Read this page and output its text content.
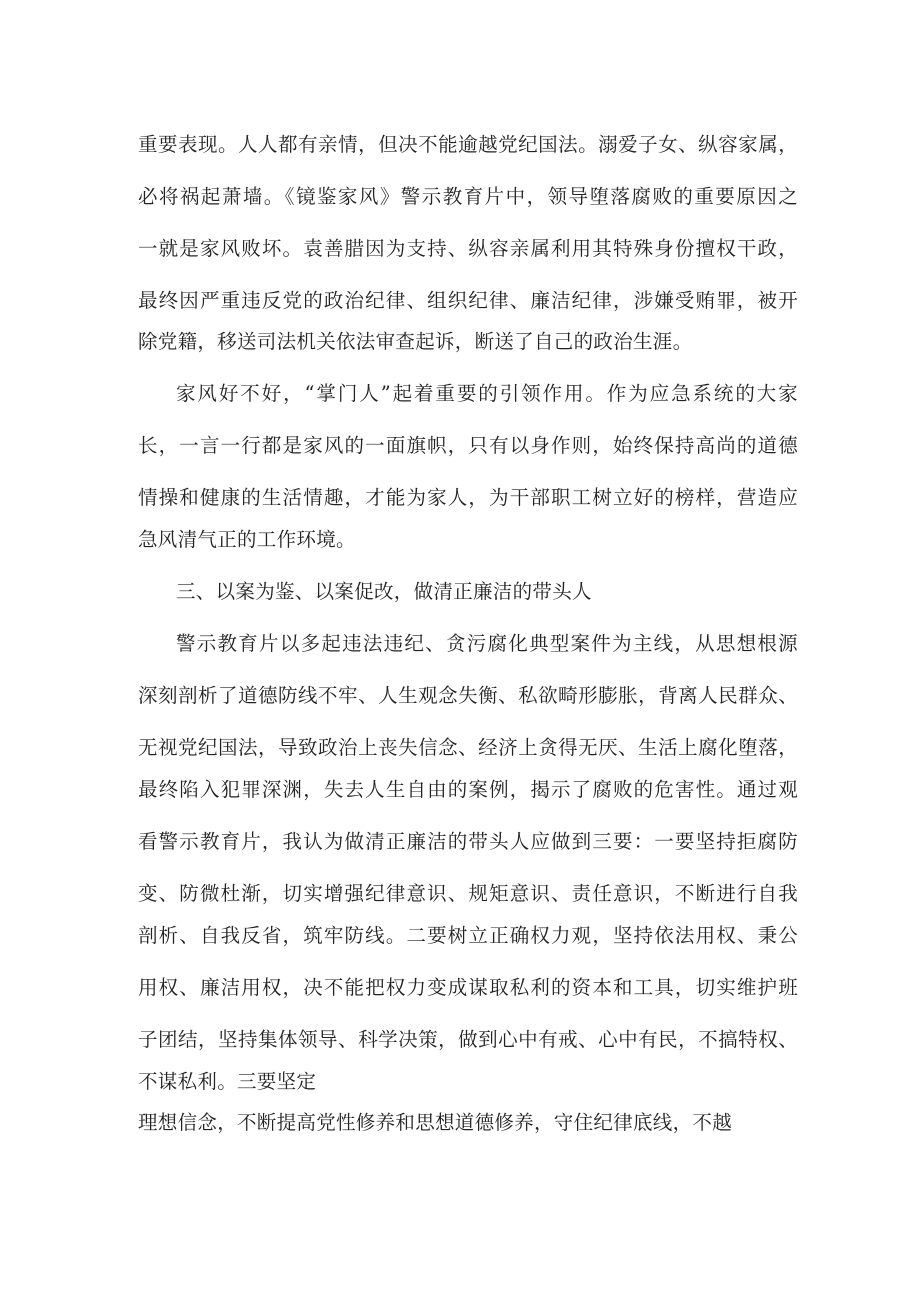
重要表现。人人都有亲情，但决不能逾越党纪国法。溺爱子女、纵容家属，
必将祸起萧墙。《镜鉴家风》警示教育片中，领导堕落腐败的重要原因之
一就是家风败坏。袁善腊因为支持、纵容亲属利用其特殊身份擅权干政，
最终因严重违反党的政治纪律、组织纪律、廉洁纪律，涉嫌受贿罪，被开
除党籍，移送司法机关依法审查起诉，断送了自己的政治生涯。
家风好不好，“掌门人”起着重要的引领作用。作为应急系统的大家
长，一言一行都是家风的一面旗帜，只有以身作则，始终保持高尚的道德
情操和健康的生活情趣，才能为家人，为干部职工树立好的榜样，营造应
急风清气正的工作环境。
三、以案为鉴、以案促改，做清正廉洁的带头人
警示教育片以多起违法违纪、贪污腐化典型案件为主线，从思想根源
深刻剖析了道德防线不牢、人生观念失衡、私欲畸形膨胀，背离人民群众、
无视党纪国法，导致政治上丧失信念、经济上贪得无厌、生活上腐化堕落，
最终陷入犯罪深渊，失去人生自由的案例，揭示了腐败的危害性。通过观
看警示教育片，我认为做清正廉洁的带头人应做到三要：一要坚持拒腐防
变、防微杜渐，切实增强纪律意识、规矩意识、责任意识，不断进行自我
剖析、自我反省，筑牢防线。二要树立正确权力观，坚持依法用权、秉公
用权、廉洁用权，决不能把权力变成谋取私利的资本和工具，切实维护班
子团结，坚持集体领导、科学决策，做到心中有戒、心中有民，不搞特权、
不谋私利。三要坚定
理想信念，不断提高党性修养和思想道德修养，守住纪律底线，不越
